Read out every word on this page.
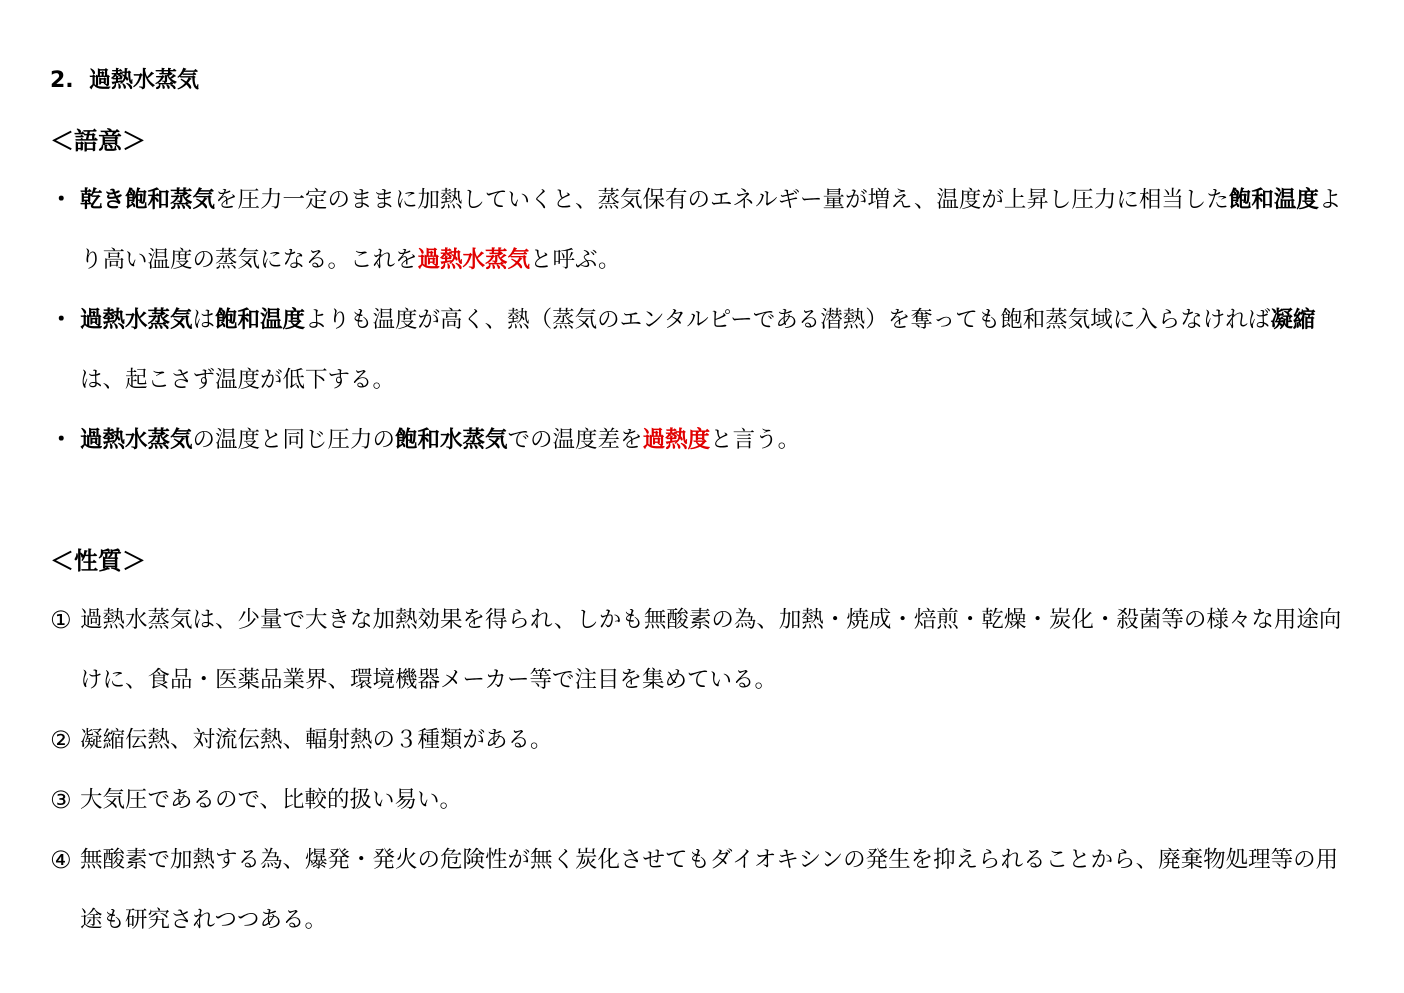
2. 過熱水蒸気
＜語意＞
・ 乾き飽和蒸気を圧力一定のままに加熱していくと、蒸気保有のエネルギー量が増え、温度が上昇し圧力に相当した飽和温度より高い温度の蒸気になる。これを過熱水蒸気と呼ぶ。
・ 過熱水蒸気は飽和温度よりも温度が高く、熱（蒸気のエンタルピーである潜熱）を奪っても飽和蒸気域に入らなければ凝縮は、起こさず温度が低下する。
・ 過熱水蒸気の温度と同じ圧力の飽和水蒸気での温度差を過熱度と言う。
＜性質＞
① 過熱水蒸気は、少量で大きな加熱効果を得られ、しかも無酸素の為、加熱・焼成・焙煎・乾燥・炭化・殺菌等の様々な用途向けに、食品・医薬品業界、環境機器メーカー等で注目を集めている。
② 凝縮伝熱、対流伝熱、輻射熱の３種類がある。
③ 大気圧であるので、比較的扱い易い。
④ 無酸素で加熱する為、爆発・発火の危険性が無く炭化させてもダイオキシンの発生を抑えられることから、廃棄物処理等の用途も研究されつつある。
